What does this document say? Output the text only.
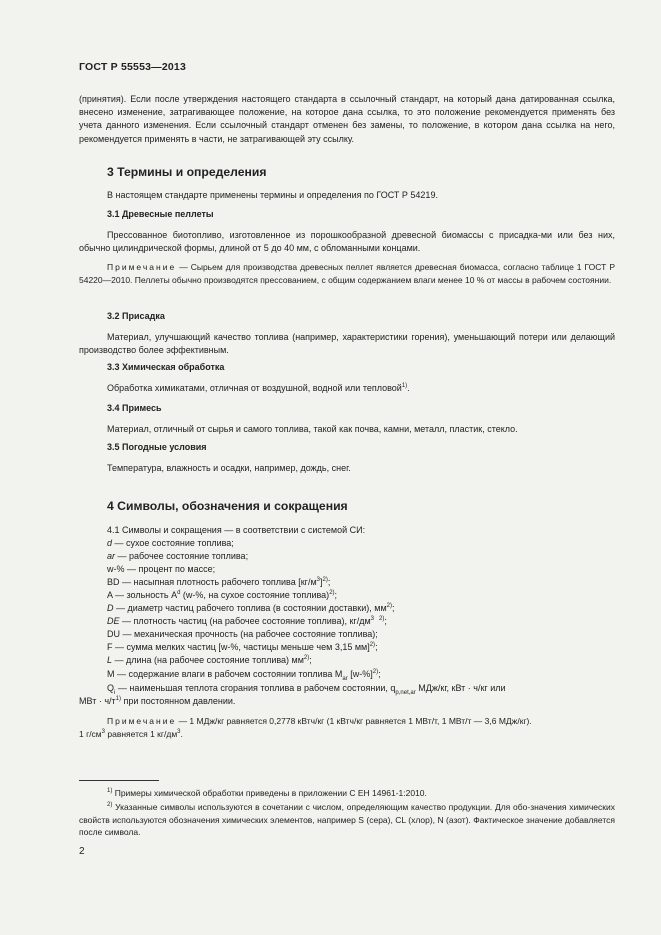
ГОСТ Р 55553—2013
(принятия). Если после утверждения настоящего стандарта в ссылочный стандарт, на который дана датированная ссылка, внесено изменение, затрагивающее положение, на которое дана ссылка, то это положение рекомендуется применять без учета данного изменения. Если ссылочный стандарт отменен без замены, то положение, в котором дана ссылка на него, рекомендуется применять в части, не затрагивающей эту ссылку.
3 Термины и определения
В настоящем стандарте применены термины и определения по ГОСТ Р 54219.
3.1 Древесные пеллеты
Прессованное биотопливо, изготовленное из порошкообразной древесной биомассы с присадка-ми или без них, обычно цилиндрической формы, длиной от 5 до 40 мм, с обломанными концами.
Примечание — Сырьем для производства древесных пеллет является древесная биомасса, согласно таблице 1 ГОСТ Р 54220—2010. Пеллеты обычно производятся прессованием, с общим содержанием влаги менее 10 % от массы в рабочем состоянии.
3.2 Присадка
Материал, улучшающий качество топлива (например, характеристики горения), уменьшающий потери или делающий производство более эффективным.
3.3 Химическая обработка
Обработка химикатами, отличная от воздушной, водной или тепловой$^{1)}$.
3.4 Примесь
Материал, отличный от сырья и самого топлива, такой как почва, камни, металл, пластик, стекло.
3.5 Погодные условия
Температура, влажность и осадки, например, дождь, снег.
4 Символы, обозначения и сокращения
4.1 Символы и сокращения — в соответствии с системой СИ:
d — сухое состояние топлива;
ar — рабочее состояние топлива;
w-% — процент по массе;
BD — насыпная плотность рабочего топлива $[кг/м^3]^{2)}$;
A — зольность $A^d$ (w-%, на сухое состояние топлива)$^{2)}$;
D — диаметр частиц рабочего топлива (в состоянии доставки), $мм^{2)}$;
DE — плотность частиц (на рабочее состояние топлива), $кг/дм^3$ $^{2)}$;
DU — механическая прочность (на рабочее состояние топлива);
F — сумма мелких частиц [w-%, частицы меньше чем 3,15 мм]$^{2)}$;
L — длина (на рабочее состояние топлива) $мм^{2)}$;
M — содержание влаги в рабочем состоянии топлива $M_{ar}$ $[w-\%]^{2)}$;
$Q_i$ — наименьшая теплота сгорания топлива в рабочем состоянии, $q_{p,net,ar}$ МДж/кг, кВт · ч/кг или
МВт · $ч/т^{1)}$ при постоянном давлении.
Примечание — 1 МДж/кг равняется 0,2778 кВтч/кг (1 кВтч/кг равняется 1 МВт/т, 1 МВт/т — 3,6 МДж/кг).
1 $г/см^3$ равняется 1 $кг/дм^3$.
$^{1)}$ Примеры химической обработки приведены в приложении С ЕН 14961-1:2010.
$^{2)}$ Указанные символы используются в сочетании с числом, определяющим качество продукции. Для обо-значения химических свойств используются обозначения химических элементов, например S (сера), CL (хлор), N (азот). Фактическое значение добавляется после символа.
2
